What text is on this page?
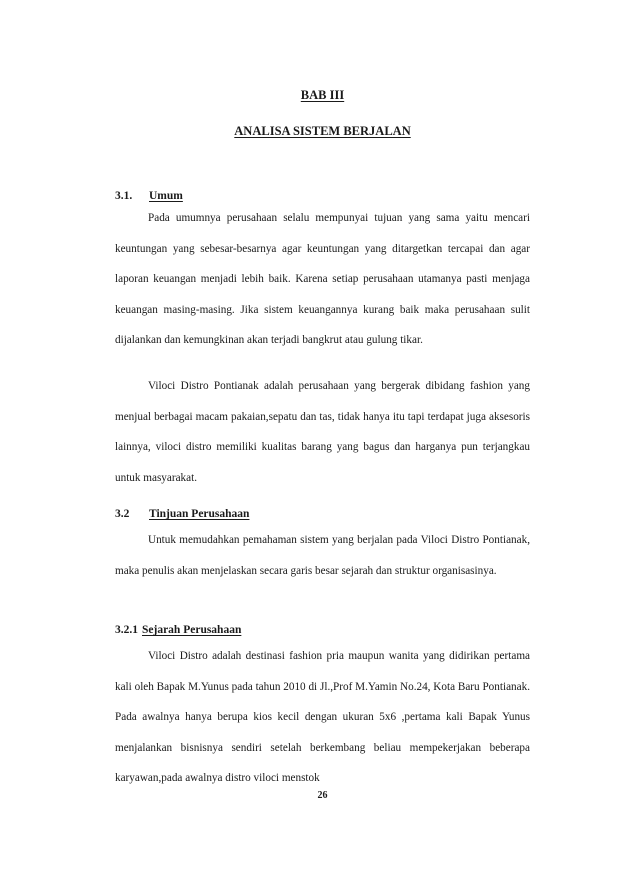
BAB III

ANALISA SISTEM BERJALAN

3.1. Umum

Pada umumnya perusahaan selalu mempunyai tujuan yang sama yaitu mencari keuntungan yang sebesar-besarnya agar keuntungan yang ditargetkan tercapai dan agar laporan keuangan menjadi lebih baik. Karena setiap perusahaan utamanya pasti menjaga keuangan masing-masing. Jika sistem keuangannya kurang baik maka perusahaan sulit dijalankan dan kemungkinan akan terjadi bangkrut atau gulung tikar.

Viloci Distro Pontianak adalah perusahaan yang bergerak dibidang fashion yang menjual berbagai macam pakaian,sepatu dan tas, tidak hanya itu tapi terdapat juga aksesoris lainnya, viloci distro memiliki kualitas barang yang bagus dan harganya pun terjangkau untuk masyarakat.

3.2 Tinjuan Perusahaan

Untuk memudahkan pemahaman sistem yang berjalan pada Viloci Distro Pontianak, maka penulis akan menjelaskan secara garis besar sejarah dan struktur organisasinya.

3.2.1 Sejarah Perusahaan

Viloci Distro adalah destinasi fashion pria maupun wanita yang didirikan pertama kali oleh Bapak M.Yunus pada tahun 2010 di Jl.,Prof M.Yamin No.24, Kota Baru Pontianak. Pada awalnya hanya berupa kios kecil dengan ukuran 5x6 ,pertama kali Bapak Yunus menjalankan bisnisnya sendiri setelah berkembang beliau mempekerjakan beberapa karyawan,pada awalnya distro viloci menstok

26
